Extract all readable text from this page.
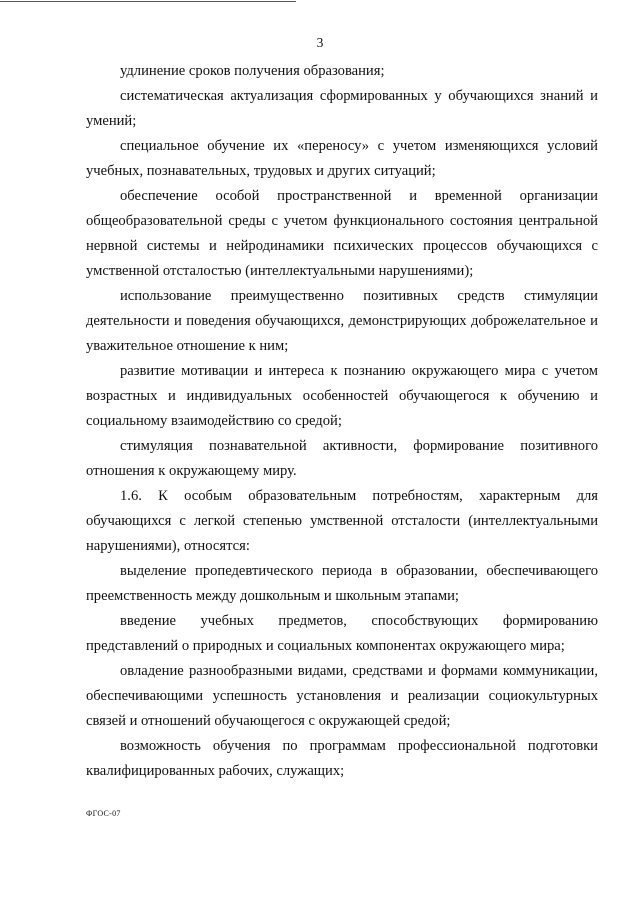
3

удлинение сроков получения образования;

систематическая актуализация сформированных у обучающихся знаний и умений;

специальное обучение их «переносу» с учетом изменяющихся условий учебных, познавательных, трудовых и других ситуаций;

обеспечение особой пространственной и временной организации общеобразовательной среды с учетом функционального состояния центральной нервной системы и нейродинамики психических процессов обучающихся с умственной отсталостью (интеллектуальными нарушениями);

использование преимущественно позитивных средств стимуляции деятельности и поведения обучающихся, демонстрирующих доброжелательное и уважительное отношение к ним;

развитие мотивации и интереса к познанию окружающего мира с учетом возрастных и индивидуальных особенностей обучающегося к обучению и социальному взаимодействию со средой;

стимуляция познавательной активности, формирование позитивного отношения к окружающему миру.

1.6. К особым образовательным потребностям, характерным для обучающихся с легкой степенью умственной отсталости (интеллектуальными нарушениями), относятся:

выделение пропедевтического периода в образовании, обеспечивающего преемственность между дошкольным и школьным этапами;

введение учебных предметов, способствующих формированию представлений о природных и социальных компонентах окружающего мира;

овладение разнообразными видами, средствами и формами коммуникации, обеспечивающими успешность установления и реализации социокультурных связей и отношений обучающегося с окружающей средой;

возможность обучения по программам профессиональной подготовки квалифицированных рабочих, служащих;

ФГОС-07
